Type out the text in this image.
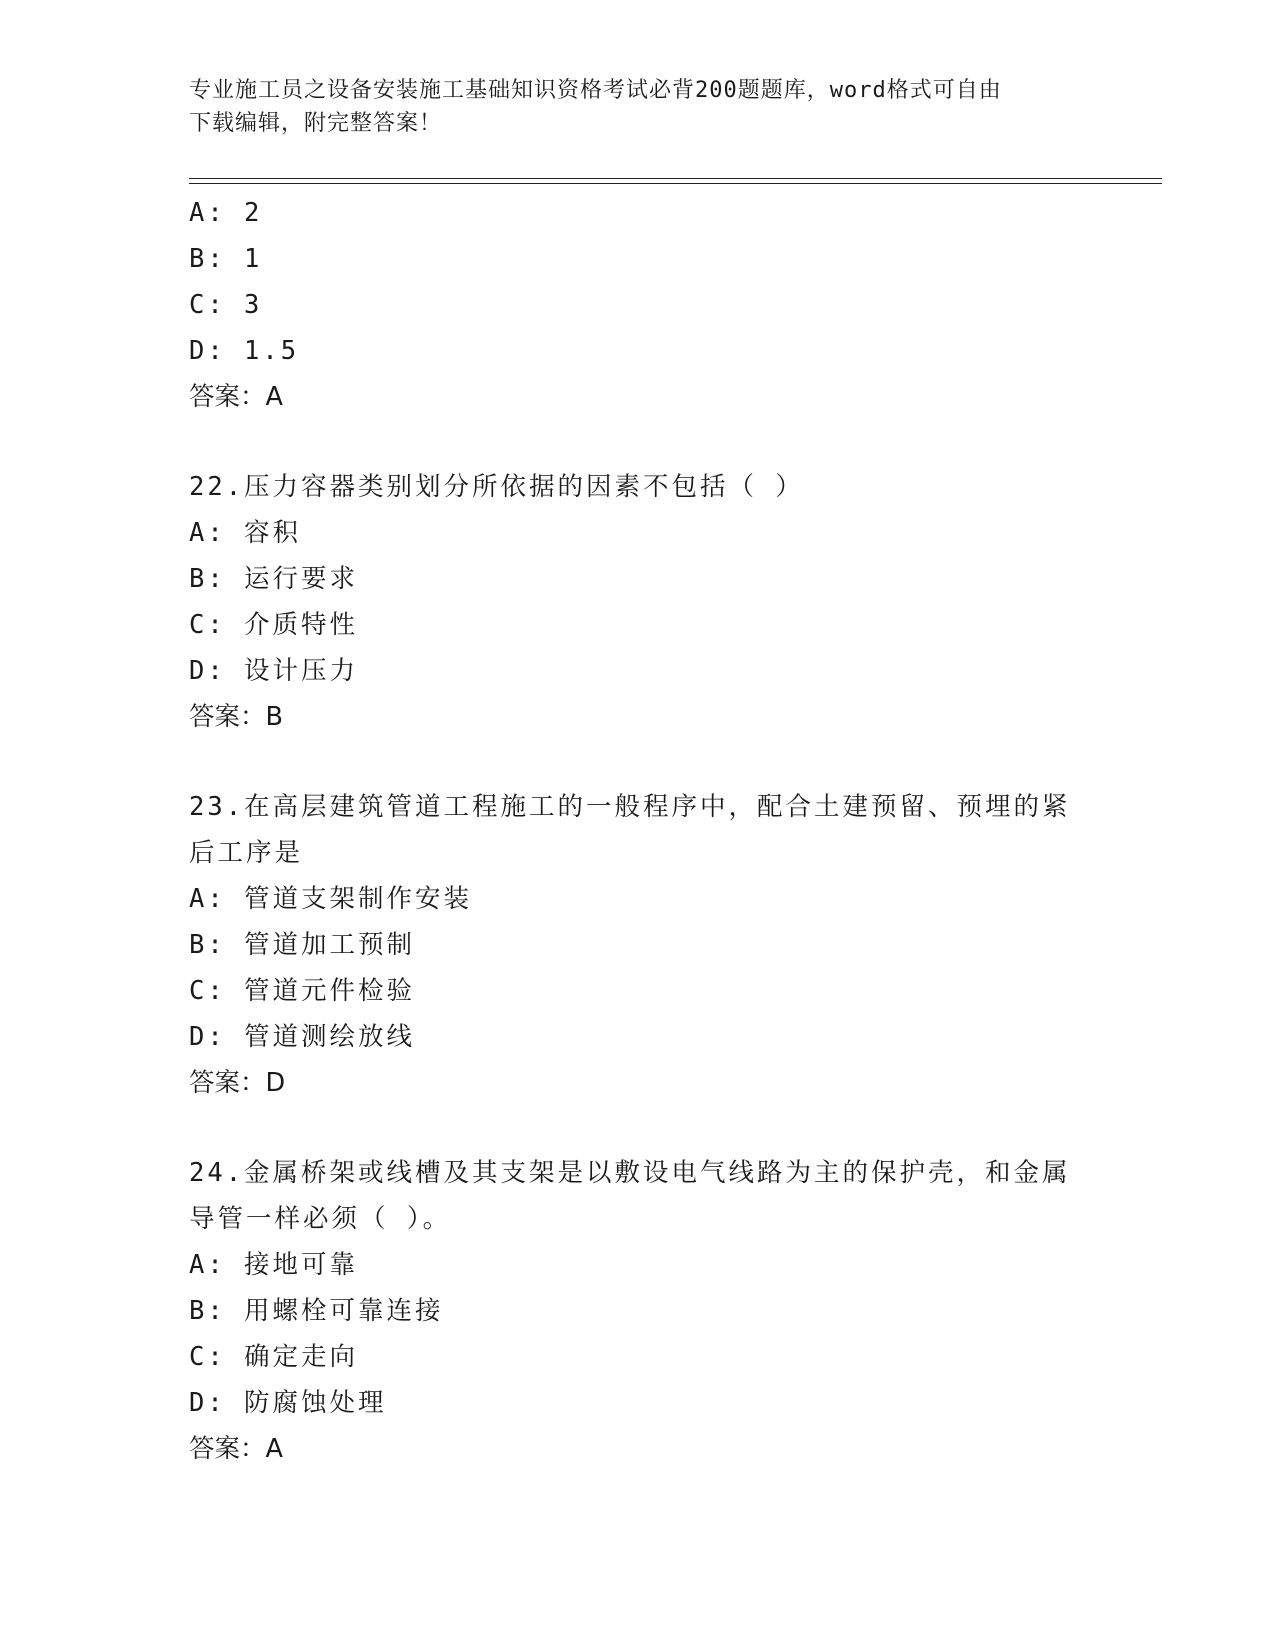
专业施工员之设备安装施工基础知识资格考试必背200题题库，word格式可自由
下载编辑，附完整答案！
A: 2
B: 1
C: 3
D: 1.5
答案：A
22.压力容器类别划分所依据的因素不包括（ ）
A: 容积
B: 运行要求
C: 介质特性
D: 设计压力
答案：B
23.在高层建筑管道工程施工的一般程序中，配合土建预留、预埋的紧
后工序是
A: 管道支架制作安装
B: 管道加工预制
C: 管道元件检验
D: 管道测绘放线
答案：D
24.金属桥架或线槽及其支架是以敷设电气线路为主的保护壳，和金属
导管一样必须（ ）。
A: 接地可靠
B: 用螺栓可靠连接
C: 确定走向
D: 防腐蚀处理
答案：A
